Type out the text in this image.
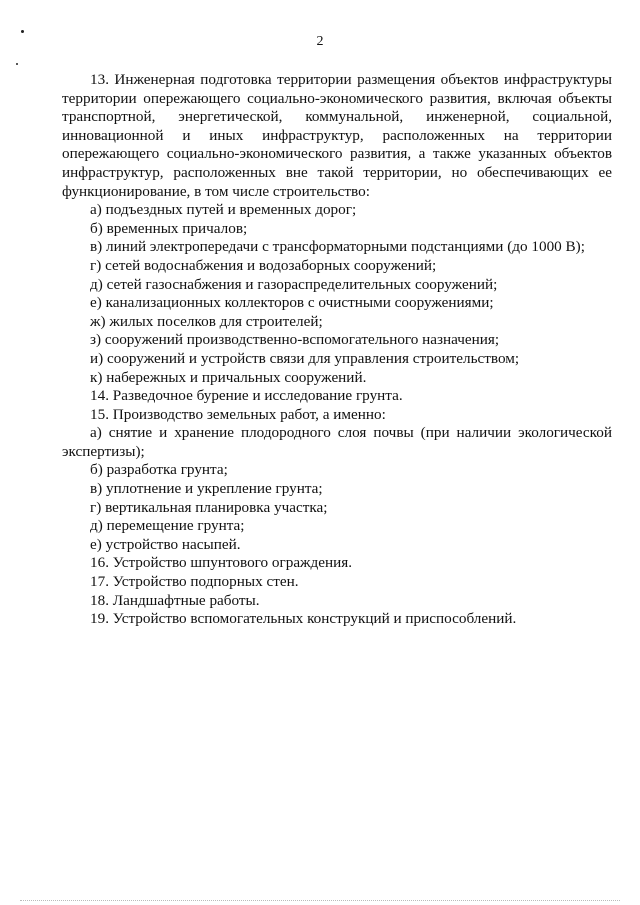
2

13. Инженерная подготовка территории размещения объектов инфраструктуры

территории опережающего социально-экономического развития, включая объекты

транспортной, энергетической, коммунальной, инженерной, социальной,

инновационной и иных инфраструктур, расположенных на территории

опережающего социально-экономического развития, а также указанных объектов

инфраструктур, расположенных вне такой территории, но обеспечивающих ее

функционирование, в том числе строительство:

а) подъездных путей и временных дорог;

б) временных причалов;

в) линий электропередачи с трансформаторными подстанциями (до 1000 В);

г) сетей водоснабжения и водозаборных сооружений;

д) сетей газоснабжения и газораспределительных сооружений;

е) канализационных коллекторов с очистными сооружениями;

ж) жилых поселков для строителей;

з) сооружений производственно-вспомогательного назначения;

и) сооружений и устройств связи для управления строительством;

к) набережных и причальных сооружений.

14. Разведочное бурение и исследование грунта.

15. Производство земельных работ, а именно:

а) снятие и хранение плодородного слоя почвы (при наличии экологической экспертизы);

б) разработка грунта;

в) уплотнение и укрепление грунта;

г) вертикальная планировка участка;

д) перемещение грунта;

е) устройство насыпей.

16. Устройство шпунтового ограждения.

17. Устройство подпорных стен.

18. Ландшафтные работы.

19. Устройство вспомогательных конструкций и приспособлений.
